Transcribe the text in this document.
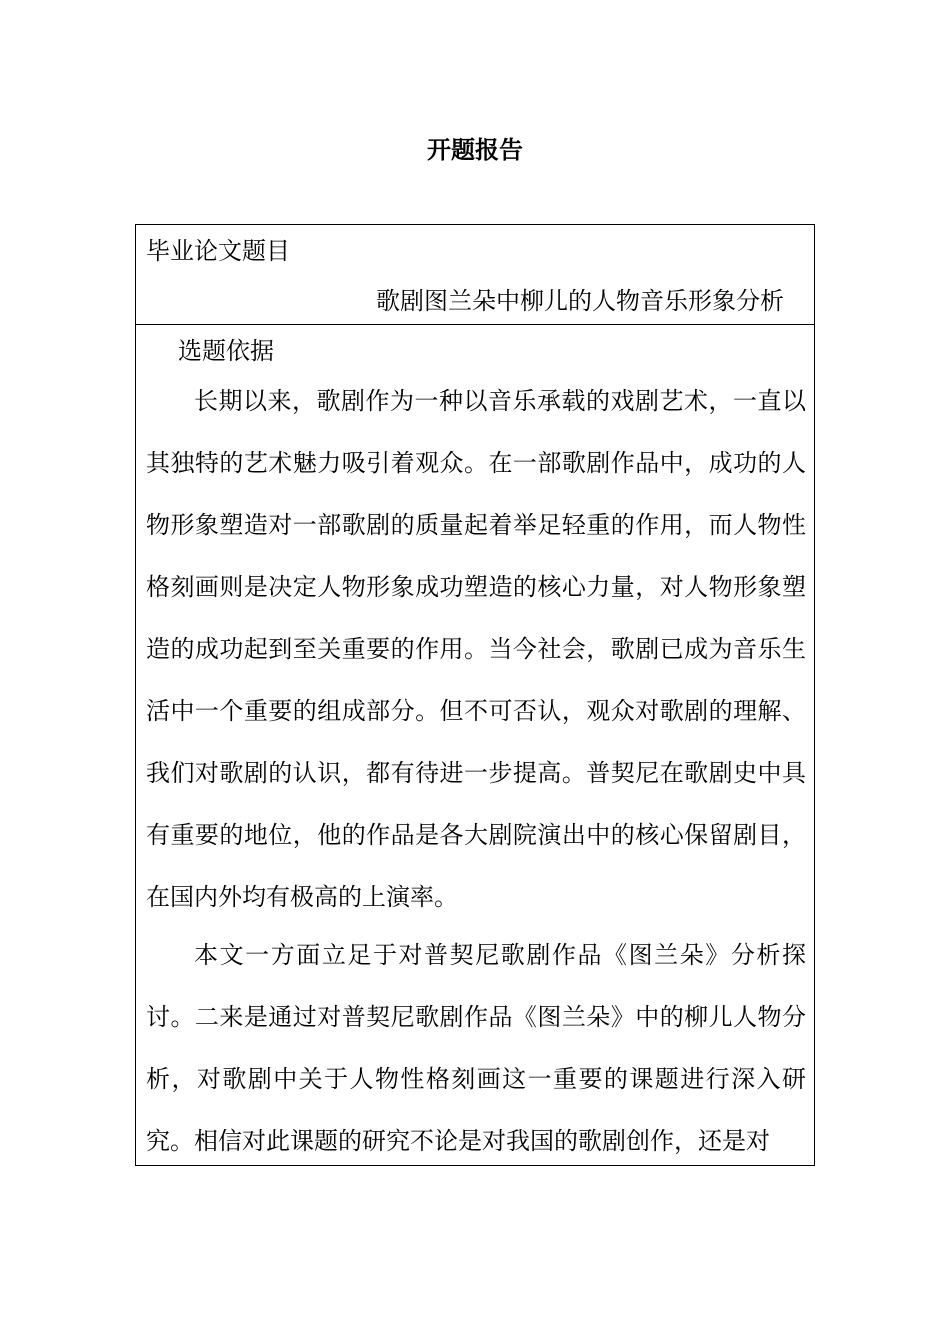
开题报告
毕业论文题目
歌剧图兰朵中柳儿的人物音乐形象分析
选题依据

长期以来，歌剧作为一种以音乐承载的戏剧艺术，一直以其独特的艺术魅力吸引着观众。在一部歌剧作品中，成功的人物形象塑造对一部歌剧的质量起着举足轻重的作用，而人物性格刻画则是决定人物形象成功塑造的核心力量，对人物形象塑造的成功起到至关重要的作用。当今社会，歌剧已成为音乐生活中一个重要的组成部分。但不可否认，观众对歌剧的理解、我们对歌剧的认识，都有待进一步提高。普契尼在歌剧史中具有重要的地位，他的作品是各大剧院演出中的核心保留剧目，在国内外均有极高的上演率。

本文一方面立足于对普契尼歌剧作品《图兰朵》分析探讨。二来是通过对普契尼歌剧作品《图兰朵》中的柳儿人物分析，对歌剧中关于人物性格刻画这一重要的课题进行深入研究。相信对此课题的研究不论是对我国的歌剧创作，还是对
